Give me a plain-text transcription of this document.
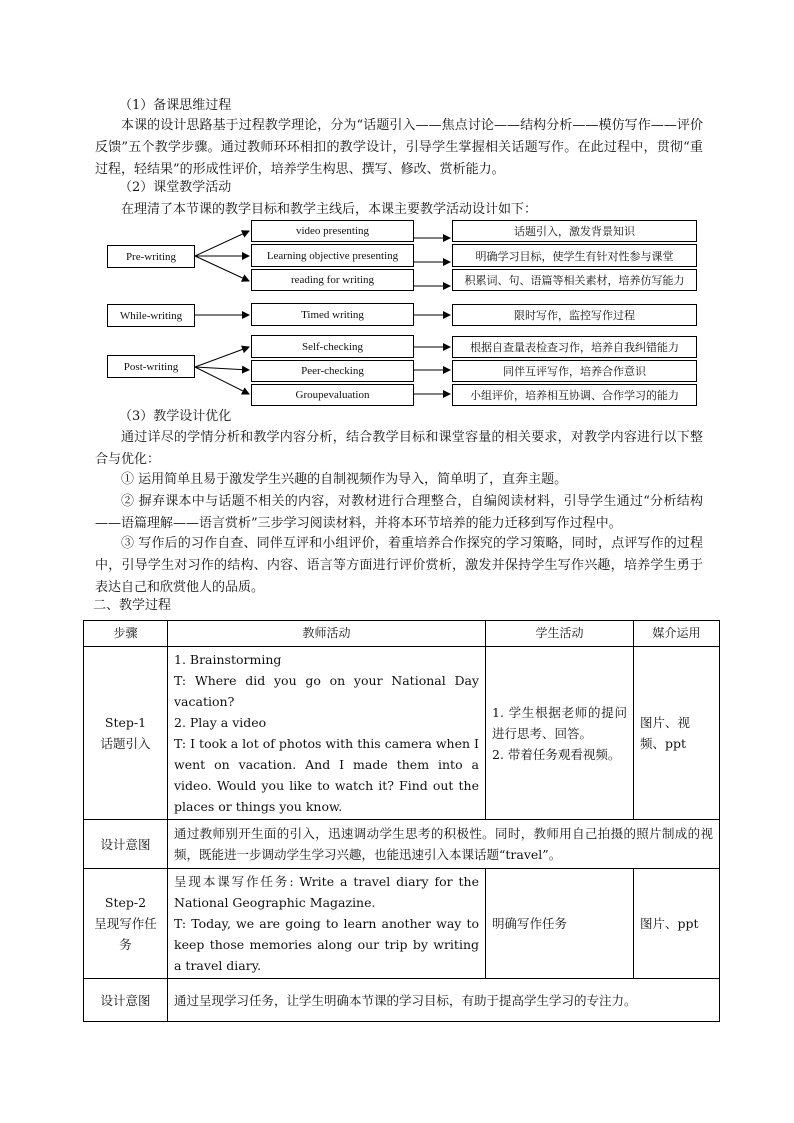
（1）备课思维过程

本课的设计思路基于过程教学理论，分为“话题引入——焦点讨论——结构分析——模仿写作——评价反馈”五个教学步骤。通过教师环环相扣的教学设计，引导学生掌握相关话题写作。在此过程中，贯彻“重过程，轻结果”的形成性评价，培养学生构思、撰写、修改、赏析能力。

（2）课堂教学活动
在理清了本节课的教学目标和教学主线后，本课主要教学活动设计如下：
Pre-writing
While-writing
Post-writing
video presenting
Learning objective presenting
reading for writing
Timed writing
Self-checking
Peer-checking
Groupevaluation
话题引入，激发背景知识
明确学习目标，使学生有针对性参与课堂
积累词、句、语篇等相关素材，培养仿写能力
限时写作，监控写作过程
根据自查量表检查习作，培养自我纠错能力
同伴互评写作，培养合作意识
小组评价，培养相互协调、合作学习的能力
（3）教学设计优化

通过详尽的学情分析和教学内容分析，结合教学目标和课堂容量的相关要求，对教学内容进行以下整合与优化：

① 运用简单且易于激发学生兴趣的自制视频作为导入，简单明了，直奔主题。

② 摒弃课本中与话题不相关的内容，对教材进行合理整合，自编阅读材料，引导学生通过“分析结构——语篇理解——语言赏析”三步学习阅读材料，并将本环节培养的能力迁移到写作过程中。

③ 写作后的习作自查、同伴互评和小组评价，着重培养合作探究的学习策略，同时，点评写作的过程中，引导学生对习作的结构、内容、语言等方面进行评价赏析，激发并保持学生写作兴趣，培养学生勇于表达自己和欣赏他人的品质。

二、教学过程
步骤	教师活动	学生活动	媒介运用

Step-1
话题引入	1. Brainstorming
T: Where did you go on your National Day vacation?
2. Play a video
T: I took a lot of photos with this camera when I went on vacation. And I made them into a video. Would you like to watch it? Find out the places or things you know.	1. 学生根据老师的提问进行思考、回答。
2. 带着任务观看视频。	图片、视频、ppt
设计意图	通过教师别开生面的引入，迅速调动学生思考的积极性。同时，教师用自己拍摄的照片制成的视频，既能进一步调动学生学习兴趣，也能迅速引入本课话题“travel”。		

Step-2
呈现写作任务	呈现本课写作任务: Write a travel diary for the National Geographic Magazine.
T: Today, we are going to learn another way to keep those memories along our trip by writing a travel diary.	明确写作任务	图片、ppt
设计意图	通过呈现学习任务，让学生明确本节课的学习目标，有助于提高学生学习的专注力。		
